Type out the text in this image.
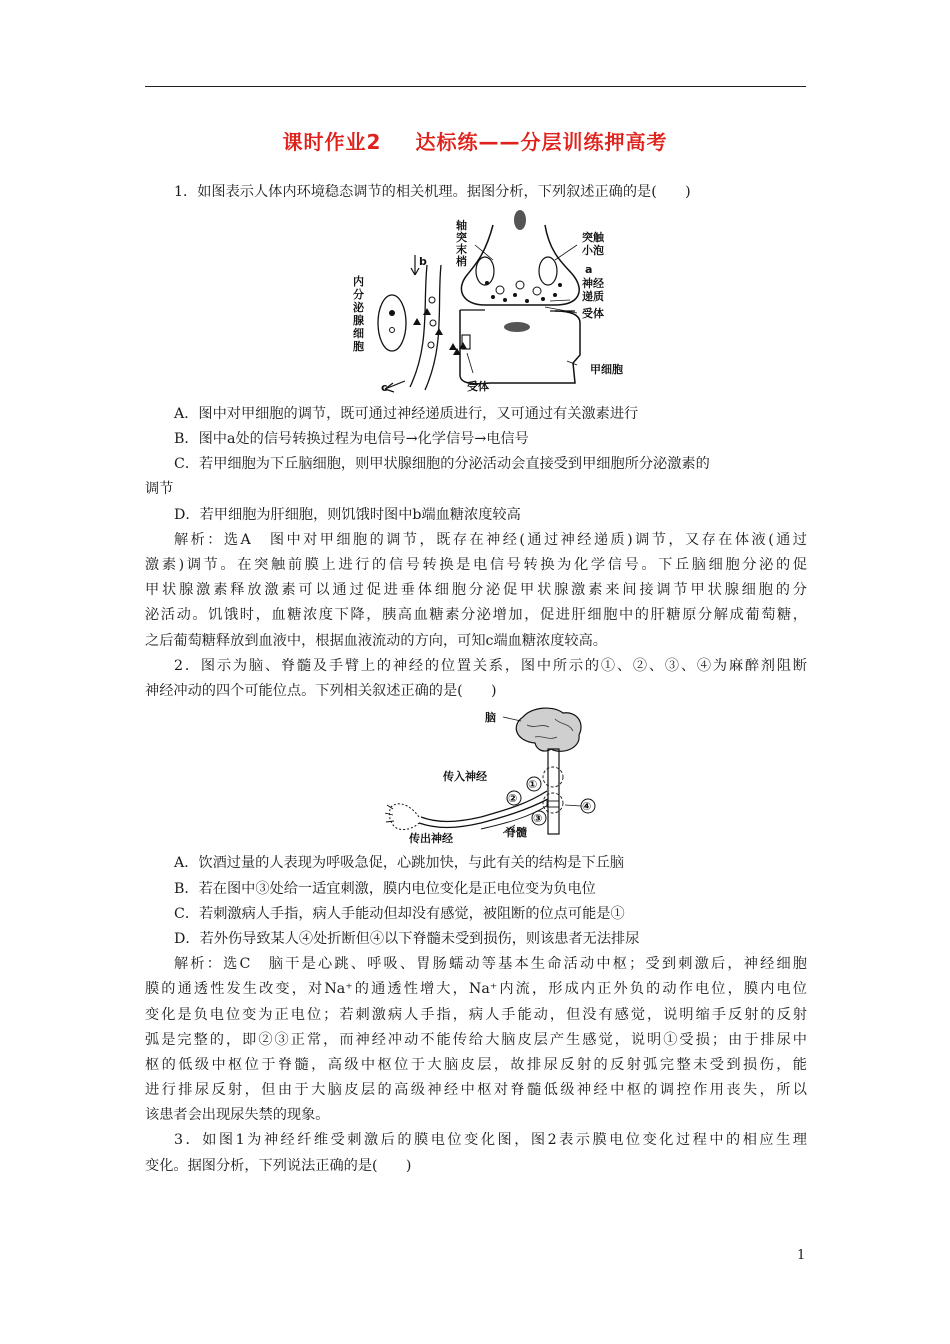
课时作业2 达标练——分层训练押高考
1．如图表示人体内环境稳态调节的相关机理。据图分析，下列叙述正确的是(　　)
轴
突
末
梢
突触
小泡
a
神经
递质
受体
内
分
泌
腺
细
胞
b
c	受体
甲细胞
A．图中对甲细胞的调节，既可通过神经递质进行，又可通过有关激素进行
B．图中a处的信号转换过程为电信号→化学信号→电信号
C．若甲细胞为下丘脑细胞，则甲状腺细胞的分泌活动会直接受到甲细胞所分泌激素的
调节
D．若甲细胞为肝细胞，则饥饿时图中b端血糖浓度较高
解析：选A　图中对甲细胞的调节，既存在神经(通过神经递质)调节，又存在体液(通过
激素)调节。在突触前膜上进行的信号转换是电信号转换为化学信号。下丘脑细胞分泌的促
甲状腺激素释放激素可以通过促进垂体细胞分泌促甲状腺激素来间接调节甲状腺细胞的分
泌活动。饥饿时，血糖浓度下降，胰高血糖素分泌增加，促进肝细胞中的肝糖原分解成葡萄糖，
之后葡萄糖释放到血液中，根据血液流动的方向，可知c端血糖浓度较高。
2．图示为脑、脊髓及手臂上的神经的位置关系，图中所示的①、②、③、④为麻醉剂阻断
神经冲动的四个可能位点。下列相关叙述正确的是(　　)
脑
传入神经
传出神经	脊髓
①
②
③
④
A．饮酒过量的人表现为呼吸急促，心跳加快，与此有关的结构是下丘脑
B．若在图中③处给一适宜刺激，膜内电位变化是正电位变为负电位
C．若刺激病人手指，病人手能动但却没有感觉，被阻断的位点可能是①
D．若外伤导致某人④处折断但④以下脊髓未受到损伤，则该患者无法排尿
解析：选C　脑干是心跳、呼吸、胃肠蠕动等基本生命活动中枢；受到刺激后，神经细胞
膜的通透性发生改变，对Na⁺的通透性增大，Na⁺内流，形成内正外负的动作电位，膜内电位
变化是负电位变为正电位；若刺激病人手指，病人手能动，但没有感觉，说明缩手反射的反射
弧是完整的，即②③正常，而神经冲动不能传给大脑皮层产生感觉，说明①受损；由于排尿中
枢的低级中枢位于脊髓，高级中枢位于大脑皮层，故排尿反射的反射弧完整未受到损伤，能
进行排尿反射，但由于大脑皮层的高级神经中枢对脊髓低级神经中枢的调控作用丧失，所以
该患者会出现尿失禁的现象。
3．如图1为神经纤维受刺激后的膜电位变化图，图2表示膜电位变化过程中的相应生理
变化。据图分析，下列说法正确的是(　　)
1
